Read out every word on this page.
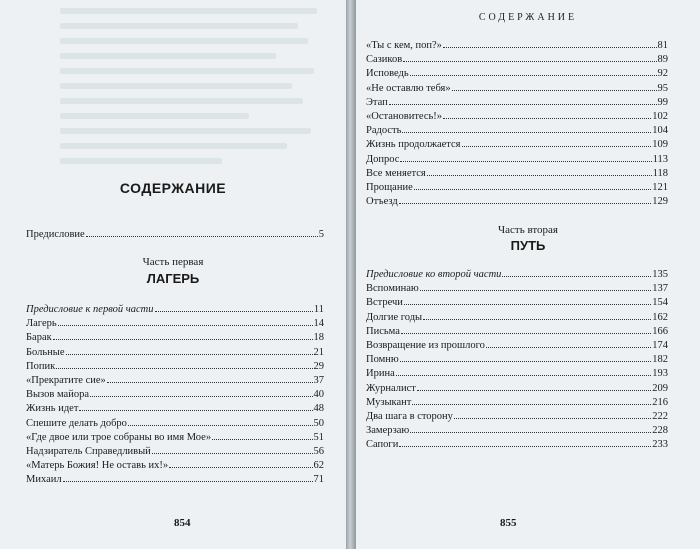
СОДЕРЖАНИЕ
Предисловие	5
Часть первая
ЛАГЕРЬ
Предисловие к первой части	11
Лагерь	14
Барак	18
Больные	21
Попик	29
«Прекратите сие»	37
Вызов майора	40
Жизнь идет	48
Спешите делать добро	50
«Где двое или трое собраны во имя Мое»	51
Надзиратель Справедливый	56
«Матерь Божия! Не оставь их!»	62
Михаил	71
854
СОДЕРЖАНИЕ
«Ты с кем, поп?»	81
Сазиков	89
Исповедь	92
«Не оставлю тебя»	95
Этап	99
«Остановитесь!»	102
Радость	104
Жизнь продолжается	109
Допрос	113
Все меняется	118
Прощание	121
Отъезд	129
Часть вторая
ПУТЬ
Предисловие ко второй части	135
Вспоминаю	137
Встречи	154
Долгие годы	162
Письма	166
Возвращение из прошлого	174
Помню	182
Ирина	193
Журналист	209
Музыкант	216
Два шага в сторону	222
Замерзаю	228
Сапоги	233
855
